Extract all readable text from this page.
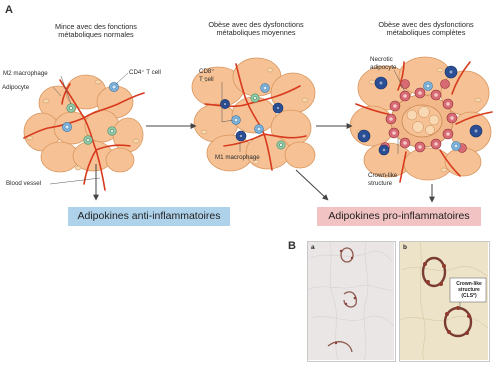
A
Mince avec des fonctions métaboliques normales
Obèse avec des dysfonctions métaboliques moyennes
Obèse avec des dysfonctions métaboliques complètes
M2 macrophage
Adipocyte
CD4⁺ T cell
Blood vessel
CD8⁺
T cell
M1 macrophage
Necrotic
adipocyte
Crown-like
structure
Adipokines anti-inflammatoires	Adipokines pro-inflammatoires
B a	b
Crown-like
structure
(CLS*)
